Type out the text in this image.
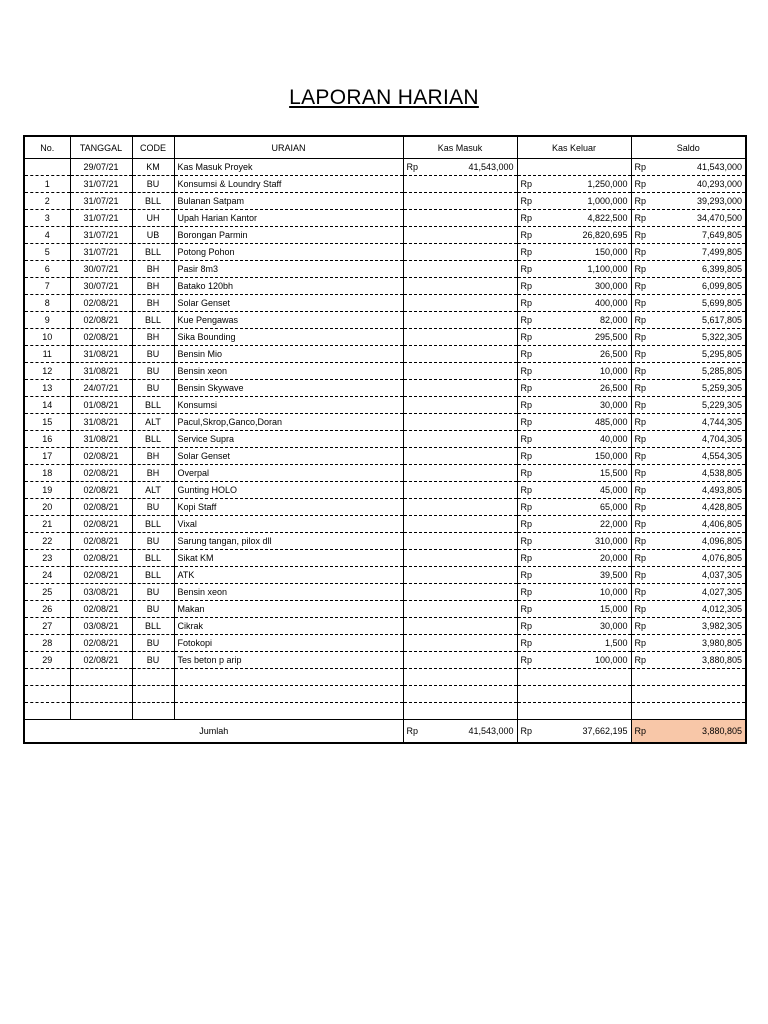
LAPORAN HARIAN
No.	TANGGAL	CODE	URAIAN	Kas Masuk	Kas Keluar	Saldo
	29/07/21	KM	Kas Masuk Proyek	Rp 41,543,000		Rp 41,543,000

1	31/07/21	BU	Konsumsi & Loundry Staff		Rp 1,250,000	Rp 40,293,000

2	31/07/21	BLL	Bulanan Satpam		Rp 1,000,000	Rp 39,293,000

3	31/07/21	UH	Upah Harian Kantor		Rp 4,822,500	Rp 34,470,500

4	31/07/21	UB	Borongan Parmin		Rp 26,820,695	Rp 7,649,805

5	31/07/21	BLL	Potong Pohon		Rp 150,000	Rp 7,499,805

6	30/07/21	BH	Pasir 8m3		Rp 1,100,000	Rp 6,399,805

7	30/07/21	BH	Batako 120bh		Rp 300,000	Rp 6,099,805

8	02/08/21	BH	Solar Genset		Rp 400,000	Rp 5,699,805

9	02/08/21	BLL	Kue Pengawas		Rp 82,000	Rp 5,617,805

10	02/08/21	BH	Sika Bounding		Rp 295,500	Rp 5,322,305

11	31/08/21	BU	Bensin Mio		Rp 26,500	Rp 5,295,805

12	31/08/21	BU	Bensin xeon		Rp 10,000	Rp 5,285,805

13	24/07/21	BU	Bensin Skywave		Rp 26,500	Rp 5,259,305

14	01/08/21	BLL	Konsumsi		Rp 30,000	Rp 5,229,305

15	31/08/21	ALT	Pacul,Skrop,Ganco,Doran		Rp 485,000	Rp 4,744,305

16	31/08/21	BLL	Service Supra		Rp 40,000	Rp 4,704,305

17	02/08/21	BH	Solar Genset		Rp 150,000	Rp 4,554,305

18	02/08/21	BH	Overpal		Rp 15,500	Rp 4,538,805

19	02/08/21	ALT	Gunting HOLO		Rp 45,000	Rp 4,493,805

20	02/08/21	BU	Kopi Staff		Rp 65,000	Rp 4,428,805

21	02/08/21	BLL	Vixal		Rp 22,000	Rp 4,406,805

22	02/08/21	BU	Sarung tangan, pilox dll		Rp 310,000	Rp 4,096,805

23	02/08/21	BLL	Sikat KM		Rp 20,000	Rp 4,076,805

24	02/08/21	BLL	ATK		Rp 39,500	Rp 4,037,305

25	03/08/21	BU	Bensin xeon		Rp 10,000	Rp 4,027,305

26	02/08/21	BU	Makan		Rp 15,000	Rp 4,012,305

27	03/08/21	BLL	Cikrak		Rp 30,000	Rp 3,982,305

28	02/08/21	BU	Fotokopi		Rp 1,500	Rp 3,980,805

29	02/08/21	BU	Tes beton p arip		Rp 100,000	Rp 3,880,805

Jumlah				Rp 41,543,000	Rp 37,662,195	Rp 3,880,805
